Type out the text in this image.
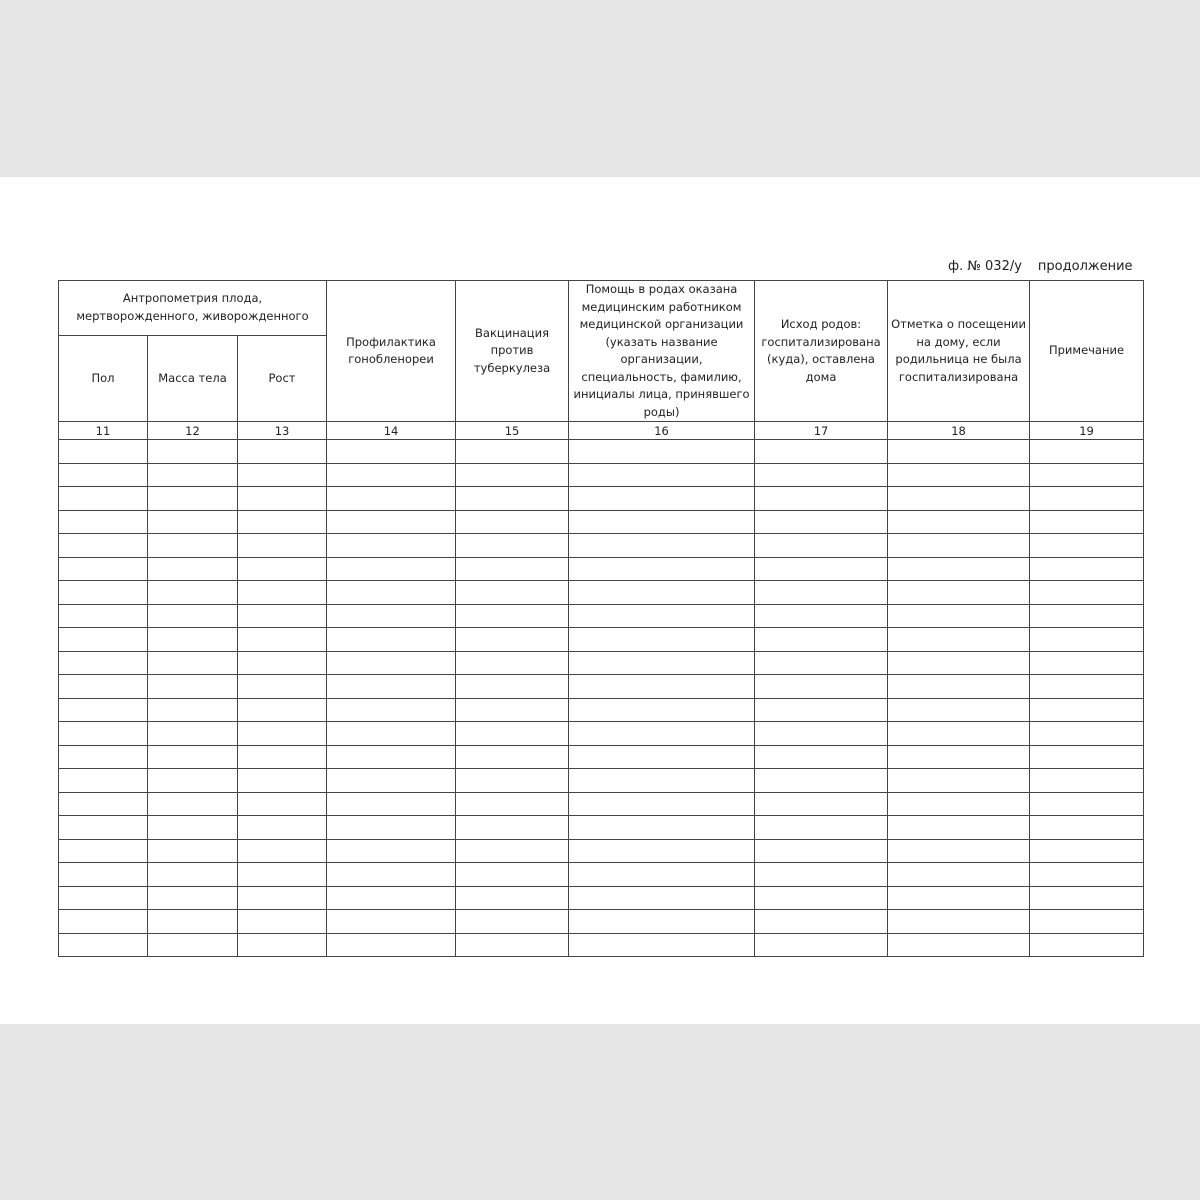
ф. № 032/у продолжение
Антропометрия плода, мертворожденного, живорожденного			Профилактика гонобленореи	Вакцинация против туберкулеза	Помощь в родах оказана медицинским работником медицинской организации (указать название организации, специальность, фамилию, инициалы лица, принявшего роды)	Исход родов: госпитализирована (куда), оставлена дома	Отметка о посещении на дому, если родильница не была госпитализирована	Примечание
Пол	Масса тела	Рост						
11	12	13	14	15	16	17	18	19
